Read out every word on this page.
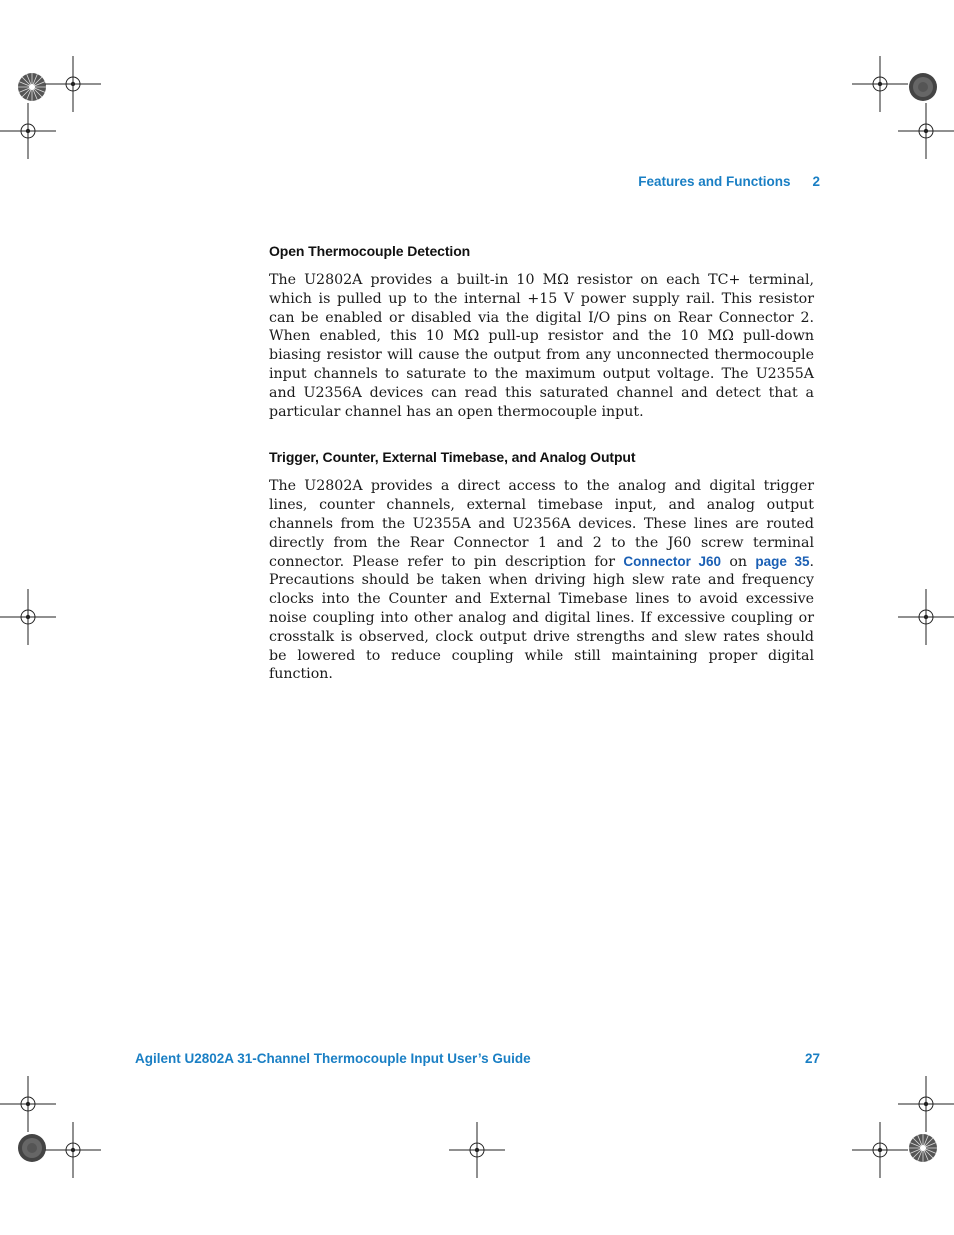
Features and Functions 2
Open Thermocouple Detection

The U2802A provides a built-in 10 MΩ resistor on each TC+ terminal, which is pulled up to the internal +15 V power supply rail. This resistor can be enabled or disabled via the digital I/O pins on Rear Connector 2. When enabled, this 10 MΩ pull-up resistor and the 10 MΩ pull-down biasing resistor will cause the output from any unconnected thermocouple input channels to saturate to the maximum output voltage. The U2355A and U2356A devices can read this saturated channel and detect that a particular channel has an open thermocouple input.

Trigger, Counter, External Timebase, and Analog Output

The U2802A provides a direct access to the analog and digital trigger lines, counter channels, external timebase input, and analog output channels from the U2355A and U2356A devices. These lines are routed directly from the Rear Connector 1 and 2 to the J60 screw terminal connector. Please refer to pin description for Connector J60 on page 35. Precautions should be taken when driving high slew rate and frequency clocks into the Counter and External Timebase lines to avoid excessive noise coupling into other analog and digital lines. If excessive coupling or crosstalk is observed, clock output drive strengths and slew rates should be lowered to reduce coupling while still maintaining proper digital function.

Agilent U2802A 31-Channel Thermocouple Input User’s Guide	27
